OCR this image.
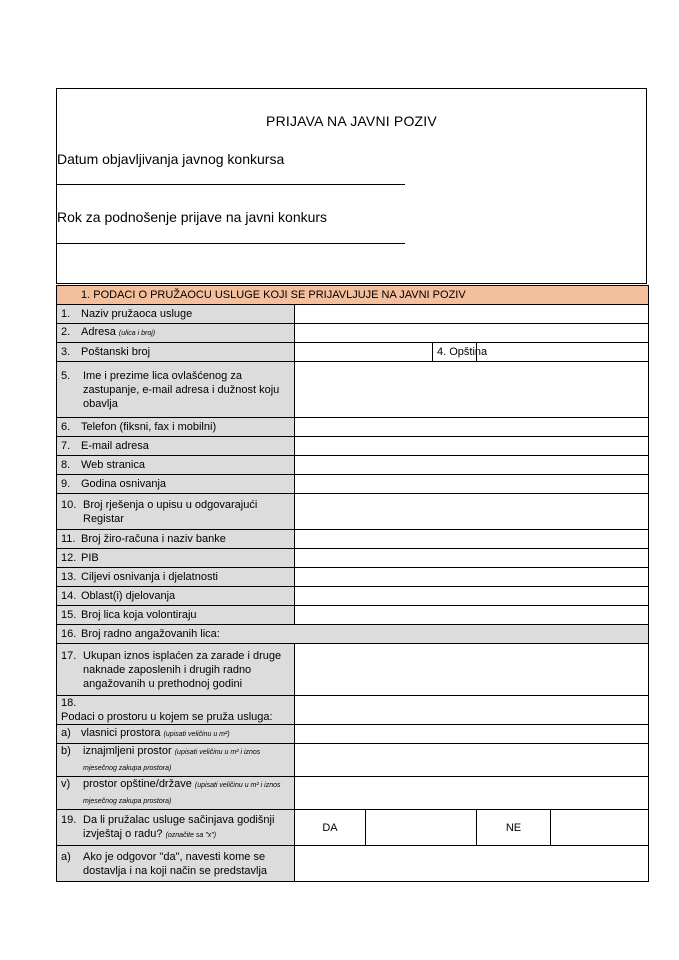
PRIJAVA NA JAVNI POZIV
Datum objavljivanja javnog konkursa
Rok za podnošenje prijave na javni konkurs
1. PODACI O PRUŽAOCU USLUGE KOJI SE PRIJAVLJUJE NA JAVNI POZIV					
1. Naziv pružaoca usluge					
2. Adresa (ulica i broj)					
3. Poštanski broj			4. Opština		

5. Ime i prezime lica ovlašćenog za zastupanje, e-mail adresa i dužnost koju obavlja					

6. Telefon (fiksni, fax i mobilni)					
7. E-mail adresa					
8. Web stranica					
9. Godina osnivanja					

10. Broj rješenja o upisu u odgovarajući Registar					

11. Broj žiro-računa i naziv banke					
12. PIB					
13. Ciljevi osnivanja i djelatnosti					
14. Oblast(i) djelovanja					
15. Broj lica koja volontiraju					
16. Broj radno angažovanih lica:					

17. Ukupan iznos isplaćen za zarade i druge naknade zaposlenih i drugih radno angažovanih u prethodnoj godini					

18.Podaci o prostoru u kojem se pruža usluga:					
a) vlasnici prostora (upisati veličinu u m²)					

b) iznajmljeni prostor (upisati veličinu u m² i iznos mjesečnog zakupa prostora)					

v) prostor opštine/države (upisati veličinu u m² i iznos mjesečnog zakupa prostora)					

19. Da li pružalac usluge sačinjava godišnji izvještaj o radu? (označite sa "x")	DA			NE	

a) Ako je odgovor "da", navesti kome se dostavlja i na koji način se predstavlja					
